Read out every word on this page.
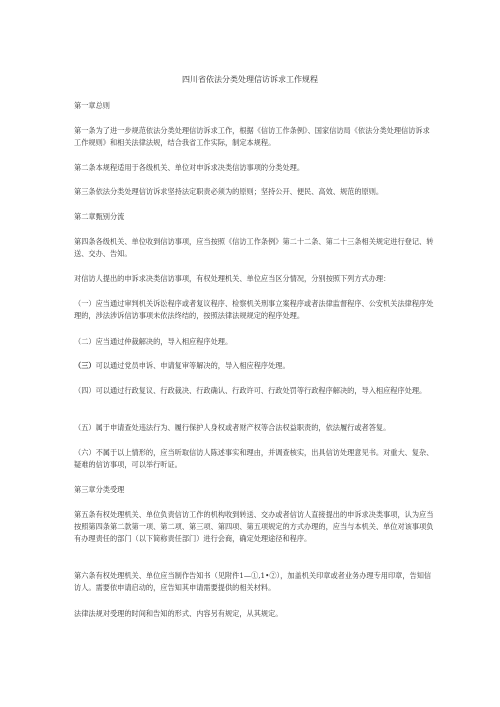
四川省依法分类处理信访诉求工作规程

第一章总则

第一条为了进一步规范依法分类处理信访诉求工作，根据《信访工作条例》、国家信访局《依法分类处理信访诉求工作规则》和相关法律法规，结合我省工作实际，制定本规程。

第二条本规程适用于各级机关、单位对申诉求决类信访事项的分类处理。

第三条依法分类处理信访诉求坚持法定职责必须为的原则；坚持公开、便民、高效、规范的原则。

第二章甄别分流

第四条各级机关、单位收到信访事项，应当按照《信访工作条例》第二十二条、第二十三条相关规定进行登记、转送、交办、告知。

对信访人提出的申诉求决类信访事项，有权处理机关、单位应当区分情况，分别按照下列方式办理：

（一）应当通过审判机关诉讼程序或者复议程序、检察机关刑事立案程序或者法律监督程序、公安机关法律程序处理的，涉法涉诉信访事项未依法终结的，按照法律法规规定的程序处理。

（二）应当通过仲裁解决的，导入相应程序处理。

（三）可以通过党员申诉、申请复审等解决的，导入相应程序处理。

（四）可以通过行政复议、行政裁决、行政确认、行政许可、行政处罚等行政程序解决的，导入相应程序处理。

（五）属于申请查处违法行为、履行保护人身权或者财产权等合法权益职责的，依法履行或者答复。

（六）不属于以上情形的，应当听取信访人陈述事实和理由，并调查核实，出具信访处理意见书。对重大、复杂、疑难的信访事项，可以举行听证。

第三章分类受理

第五条有权处理机关、单位负责信访工作的机构收到转送、交办或者信访人直接提出的申诉求决类事项，认为应当按照第四条第二款第一项、第二项、第三项、第四项、第五项规定的方式办理的，应当与本机关、单位对该事项负有办理责任的部门（以下简称责任部门）进行会商，确定处理途径和程序。

第六条有权处理机关、单位应当制作告知书（见附件1—①,1•②），加盖机关印章或者业务办理专用印章，告知信访人。需要依申请启动的，应告知其申请需要提供的相关材料。

法律法规对受理的时间和告知的形式、内容另有规定，从其规定。
